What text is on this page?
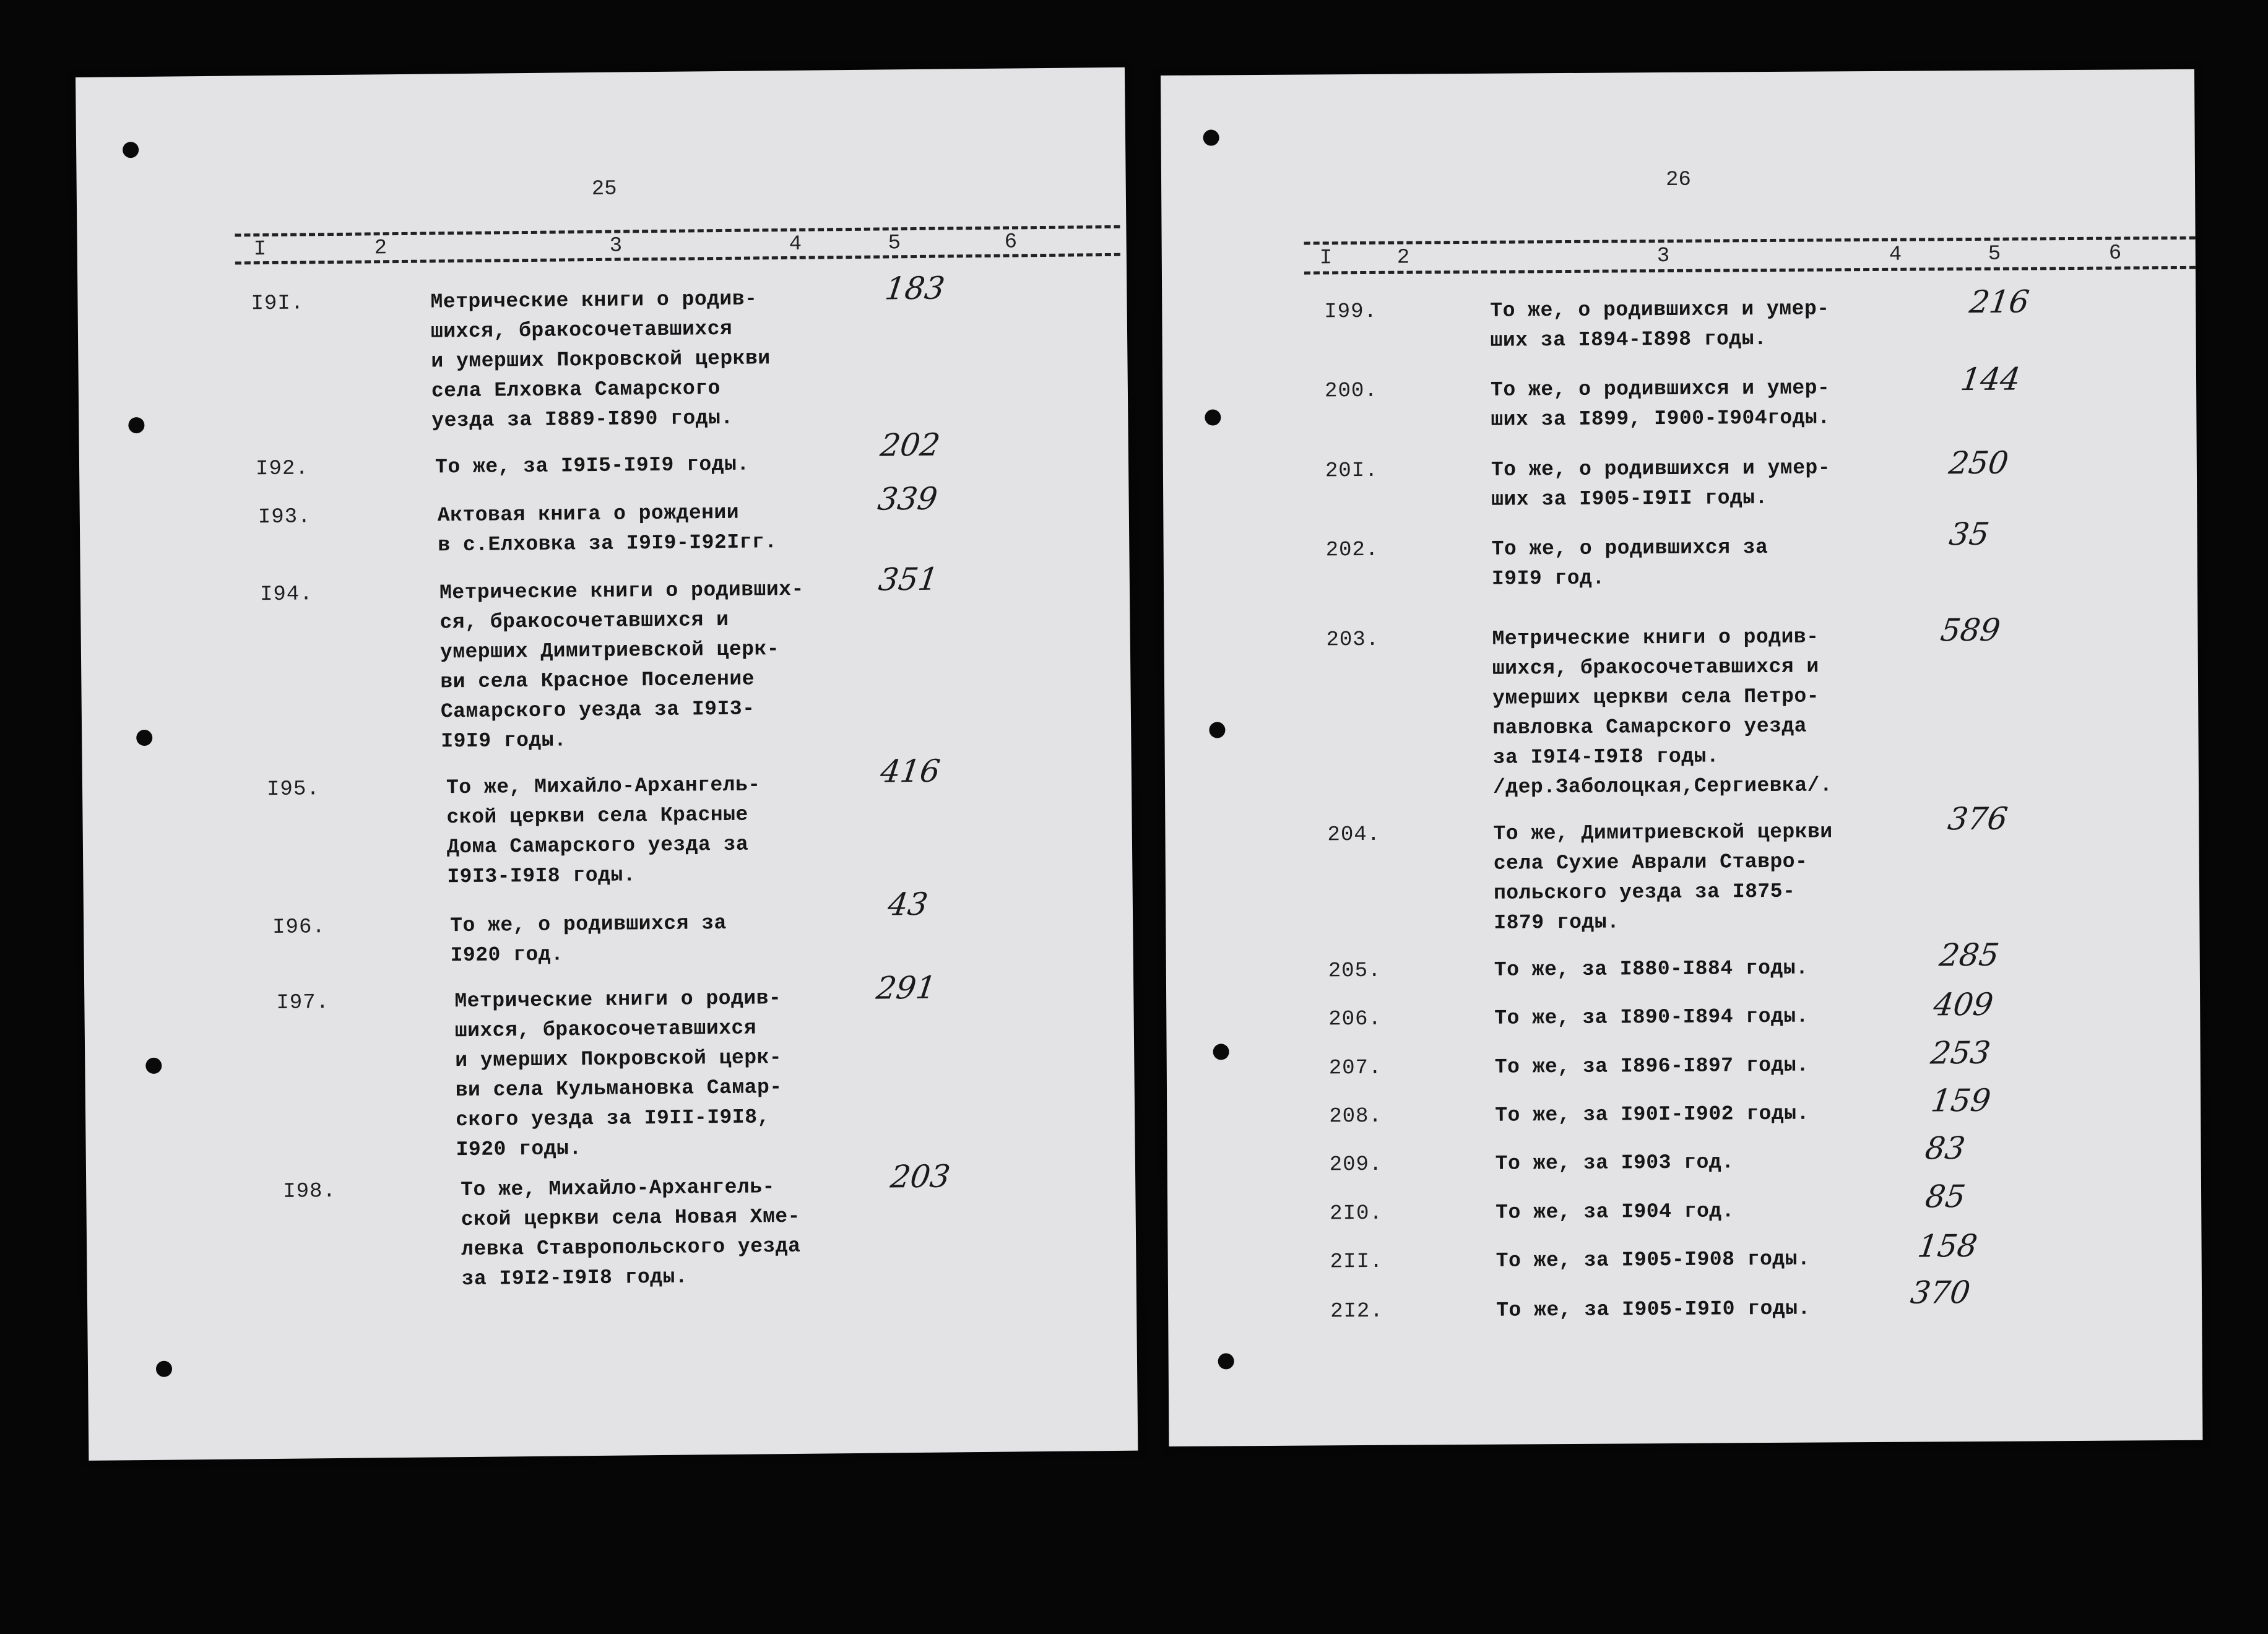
25
I	2	3	4	5	6
I9I.	Метрические книги о родив-
шихся, бракосочетавшихся
и умерших Покровской церкви
села Елховка Самарского
уезда за I889-I890 годы.
183
I92.	То же, за I9I5-I9I9 годы.
202
I93.	Актовая книга о рождении
в с.Елховка за I9I9-I92Iгг.
339
I94.	Метрические книги о родивших-
ся, бракосочетавшихся и
умерших Димитриевской церк-
ви села Красное Поселение
Самарского уезда за I9I3-
I9I9 годы.
351
I95.	То же, Михайло-Архангель-
ской церкви села Красные
Дома Самарского уезда за
I9I3-I9I8 годы.
416
I96.	То же, о родившихся за
I920 год.
43
I97.	Метрические книги о родив-
шихся, бракосочетавшихся
и умерших Покровской церк-
ви села Кульмановка Самар-
ского уезда за I9II-I9I8,
I920 годы.
291
I98.	То же, Михайло-Архангель-
ской церкви села Новая Хме-
левка Ставропольского уезда
за I9I2-I9I8 годы.
203
26
I	2	3	4	5	6
I99.	То же, о родившихся и умер-
ших за I894-I898 годы.
216
200.	То же, о родившихся и умер-
ших за I899, I900-I904годы.
144
20I.	То же, о родившихся и умер-
ших за I905-I9II годы.
250
202.	То же, о родившихся за
I9I9 год.
35
203.	Метрические книги о родив-
шихся, бракосочетавшихся и
умерших церкви села Петро-
павловка Самарского уезда
за I9I4-I9I8 годы.
/дер.Заболоцкая,Сергиевка/.
589
204.	То же, Димитриевской церкви
села Сухие Аврали Ставро-
польского уезда за I875-
I879 годы.
376
205.	То же, за I880-I884 годы.	285
206.	То же, за I890-I894 годы.	409
207.	То же, за I896-I897 годы.	253
208.	То же, за I90I-I902 годы.	159
209.	То же, за I903 год.	83
2I0.	То же, за I904 год.	85
2II.	То же, за I905-I908 годы.	158
2I2.	То же, за I905-I9I0 годы.	370
